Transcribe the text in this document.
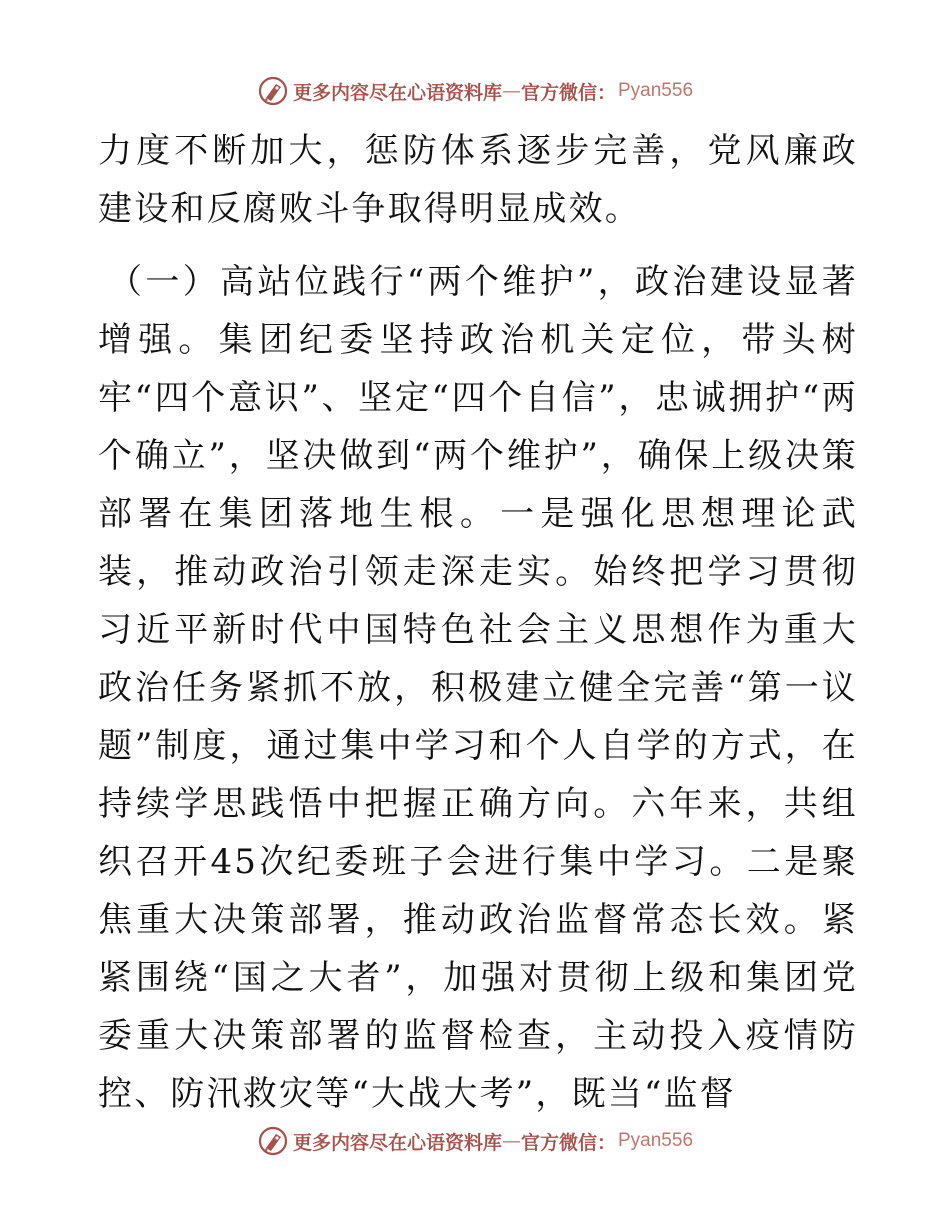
更多内容尽在心语资料库 — 官方微信： Pyan556

力度不断加大，惩防体系逐步完善，党风廉政建设和反腐败斗争取得明显成效。

（一）高站位践行“两个维护”，政治建设显著增强。集团纪委坚持政治机关定位，带头树牢“四个意识”、坚定“四个自信”，忠诚拥护“两个确立”，坚决做到“两个维护”，确保上级决策部署在集团落地生根。一是强化思想理论武装，推动政治引领走深走实。始终把学习贯彻习近平新时代中国特色社会主义思想作为重大政治任务紧抓不放，积极建立健全完善“第一议题”制度，通过集中学习和个人自学的方式，在持续学思践悟中把握正确方向。六年来，共组织召开45次纪委班子会进行集中学习。二是聚焦重大决策部署，推动政治监督常态长效。紧紧围绕“国之大者”，加强对贯彻上级和集团党委重大决策部署的监督检查，主动投入疫情防控、防汛救灾等“大战大考”，既当“监督

更多内容尽在心语资料库 — 官方微信： Pyan556
